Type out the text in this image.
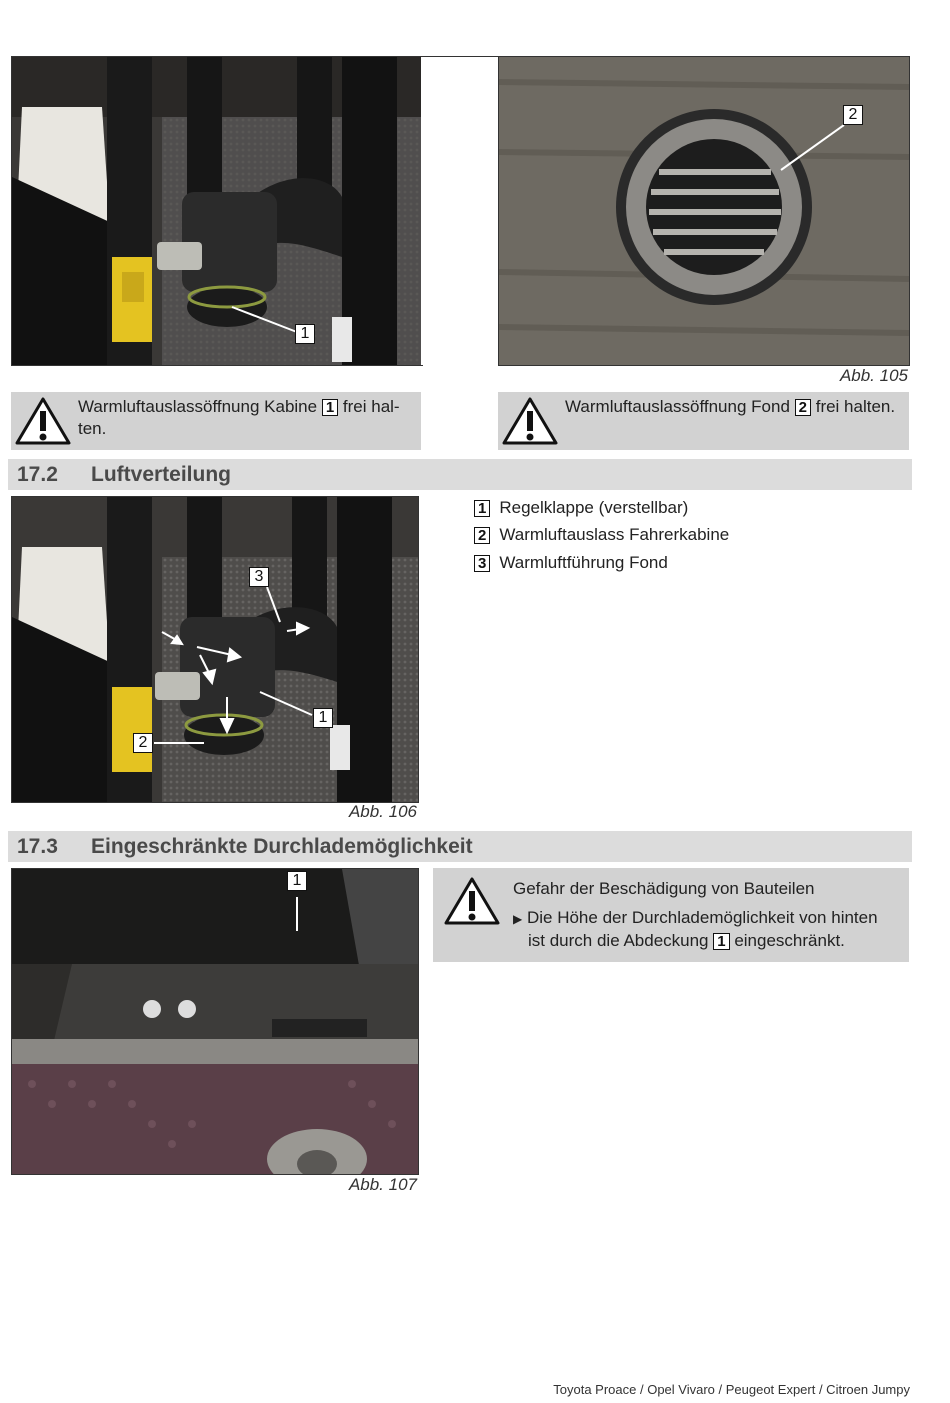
1
2
Abb. 105
Warmluftauslassöffnung Kabine 1 frei hal-
ten.
Warmluftauslassöffnung Fond 2 frei halten.
17.2 Luftverteilung
3
1
2
Abb. 106
1 Regelklappe (verstellbar)
2 Warmluftauslass Fahrerkabine
3 Warmluftführung Fond
17.3 Eingeschränkte Durchlademöglichkeit
1
Abb. 107
Gefahr der Beschädigung von Bauteilen
▶ Die Höhe der Durchlademöglichkeit von hinten
ist durch die Abdeckung 1 eingeschränkt.
Toyota Proace / Opel Vivaro / Peugeot Expert / Citroen Jumpy
